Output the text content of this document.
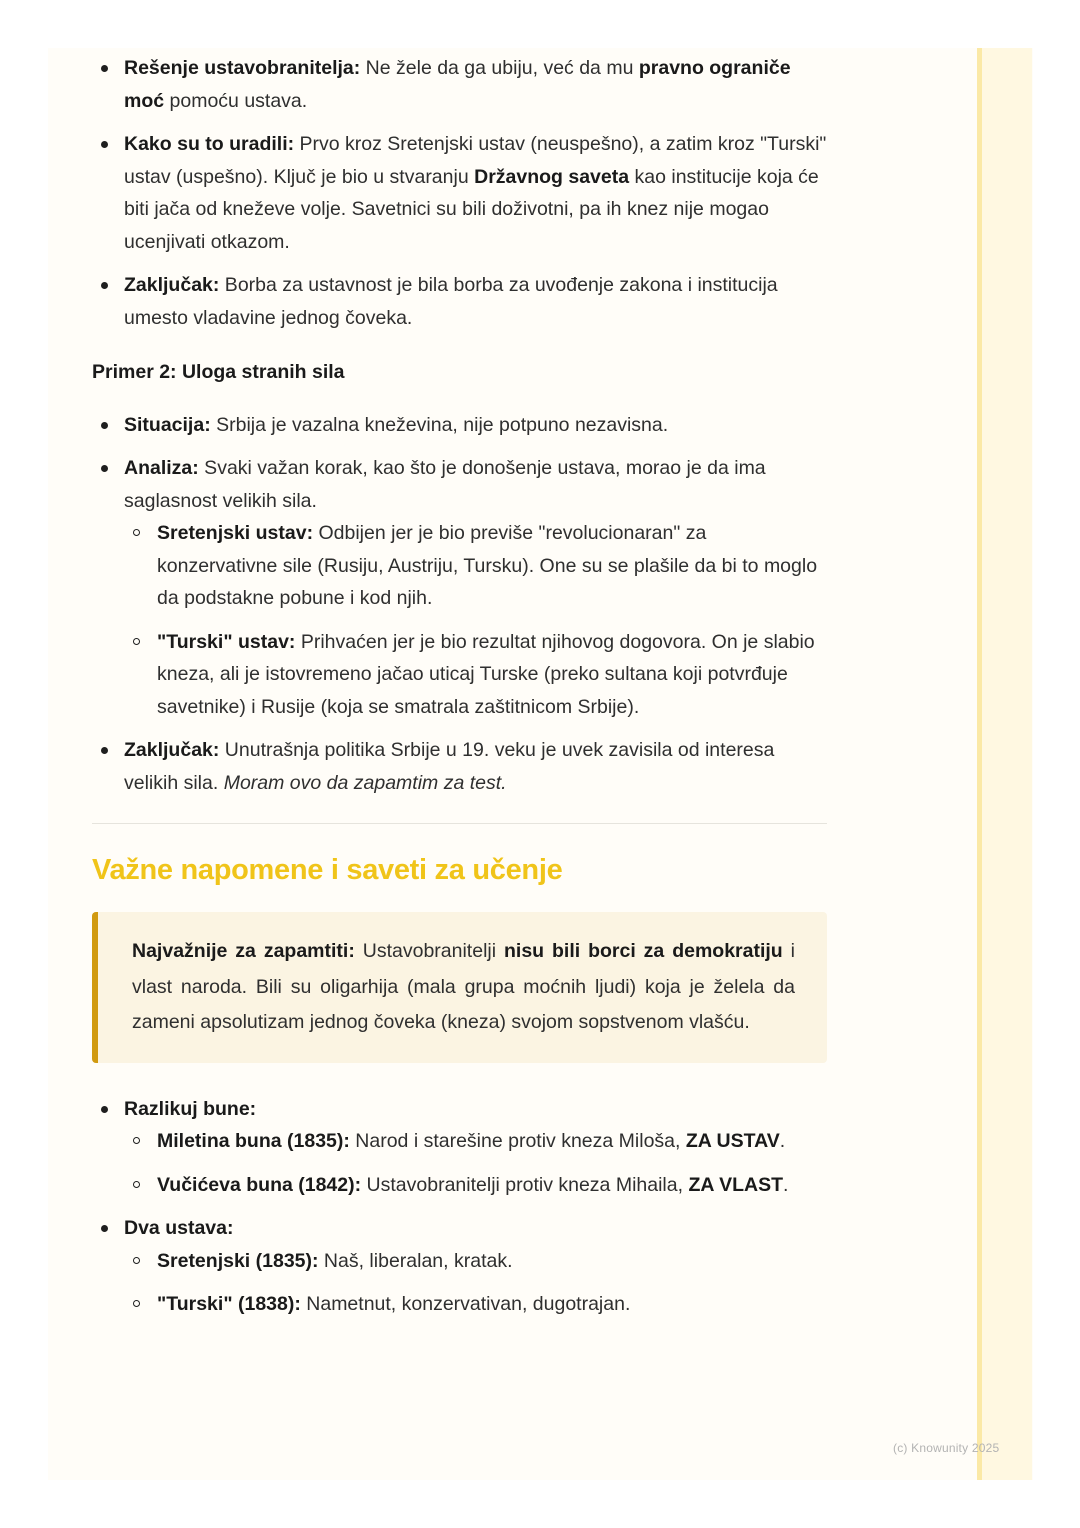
Rešenje ustavobranitelja: Ne žele da ga ubiju, već da mu pravno ograniče moć pomoću ustava.
Kako su to uradili: Prvo kroz Sretenjski ustav (neuspešno), a zatim kroz "Turski" ustav (uspešno). Ključ je bio u stvaranju Državnog saveta kao institucije koja će biti jača od kneževe volje. Savetnici su bili doživotni, pa ih knez nije mogao ucenjivati otkazom.
Zaključak: Borba za ustavnost je bila borba za uvođenje zakona i institucija umesto vladavine jednog čoveka.
Primer 2: Uloga stranih sila
Situacija: Srbija je vazalna kneževina, nije potpuno nezavisna.
Analiza: Svaki važan korak, kao što je donošenje ustava, morao je da ima saglasnost velikih sila.
Sretenjski ustav: Odbijen jer je bio previše "revolucionaran" za konzervativne sile (Rusiju, Austriju, Tursku). One su se plašile da bi to moglo da podstakne pobune i kod njih.
"Turski" ustav: Prihvaćen jer je bio rezultat njihovog dogovora. On je slabio kneza, ali je istovremeno jačao uticaj Turske (preko sultana koji potvrđuje savetnike) i Rusije (koja se smatrala zaštitnicom Srbije).
Zaključak: Unutrašnja politika Srbije u 19. veku je uvek zavisila od interesa velikih sila. Moram ovo da zapamtim za test.
Važne napomene i saveti za učenje
Najvažnije za zapamtiti: Ustavobranitelji nisu bili borci za demokratiju i vlast naroda. Bili su oligarhija (mala grupa moćnih ljudi) koja je želela da zameni apsolutizam jednog čoveka (kneza) svojom sopstvenom vlašću.
Razlikuj bune:
Miletina buna (1835): Narod i starešine protiv kneza Miloša, ZA USTAV.
Vučićeva buna (1842): Ustavobranitelji protiv kneza Mihaila, ZA VLAST.
Dva ustava:
Sretenjski (1835): Naš, liberalan, kratak.
"Turski" (1838): Nametnut, konzervativan, dugotrajan.
(c) Knowunity 2025
